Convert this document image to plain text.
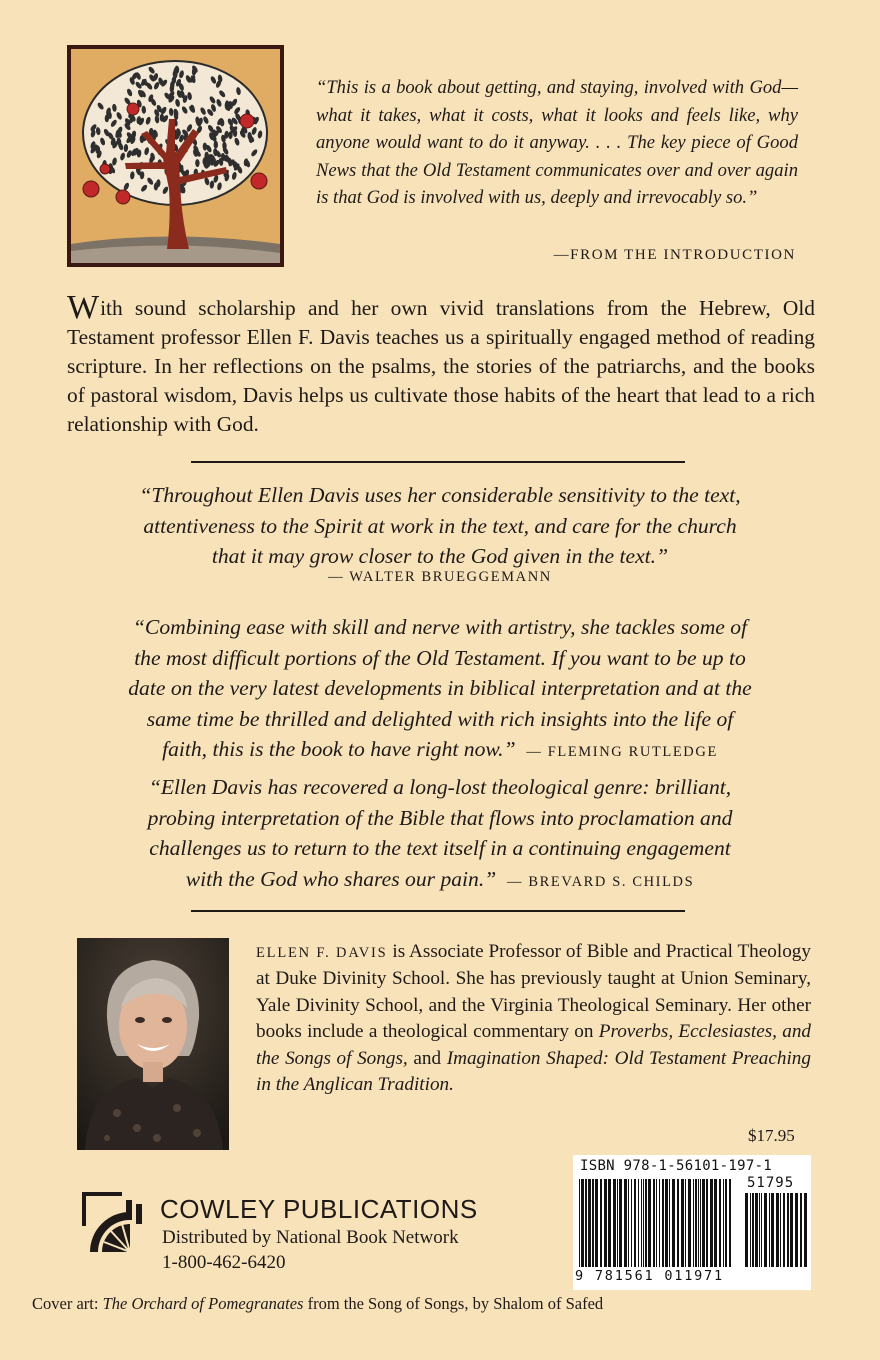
“This is a book about getting, and staying, involved with God—what it takes, what it costs, what it looks and feels like, why anyone would want to do it anyway. . . . The key piece of Good News that the Old Testament communicates over and over again is that God is involved with us, deeply and irrevocably so.”
—FROM THE INTRODUCTION
With sound scholarship and her own vivid translations from the Hebrew, Old Testament professor Ellen F. Davis teaches us a spiritually engaged method of reading scripture. In her reflections on the psalms, the stories of the patriarchs, and the books of pastoral wisdom, Davis helps us cultivate those habits of the heart that lead to a rich relationship with God.
“Throughout Ellen Davis uses her considerable sensitivity to the text,
attentiveness to the Spirit at work in the text, and care for the church
that it may grow closer to the God given in the text.”
— WALTER BRUEGGEMANN
“Combining ease with skill and nerve with artistry, she tackles some of
the most difficult portions of the Old Testament. If you want to be up to
date on the very latest developments in biblical interpretation and at the
same time be thrilled and delighted with rich insights into the life of
faith, this is the book to have right now.” — FLEMING RUTLEDGE
“Ellen Davis has recovered a long-lost theological genre: brilliant,
probing interpretation of the Bible that flows into proclamation and
challenges us to return to the text itself in a continuing engagement
with the God who shares our pain.” — BREVARD S. CHILDS
ELLEN F. DAVIS is Associate Professor of Bible and Practical Theology at Duke Divinity School. She has previously taught at Union Seminary, Yale Divinity School, and the Virginia Theological Seminary. Her other books include a theological commentary on Proverbs, Ecclesiastes, and the Songs of Songs, and Imagination Shaped: Old Testament Preaching in the Anglican Tradition.
$17.95
ISBN 978-1-56101-197-1
51795
9 781561 011971
COWLEY PUBLICATIONS
Distributed by National Book Network
1-800-462-6420
Cover art: The Orchard of Pomegranates from the Song of Songs, by Shalom of Safed
